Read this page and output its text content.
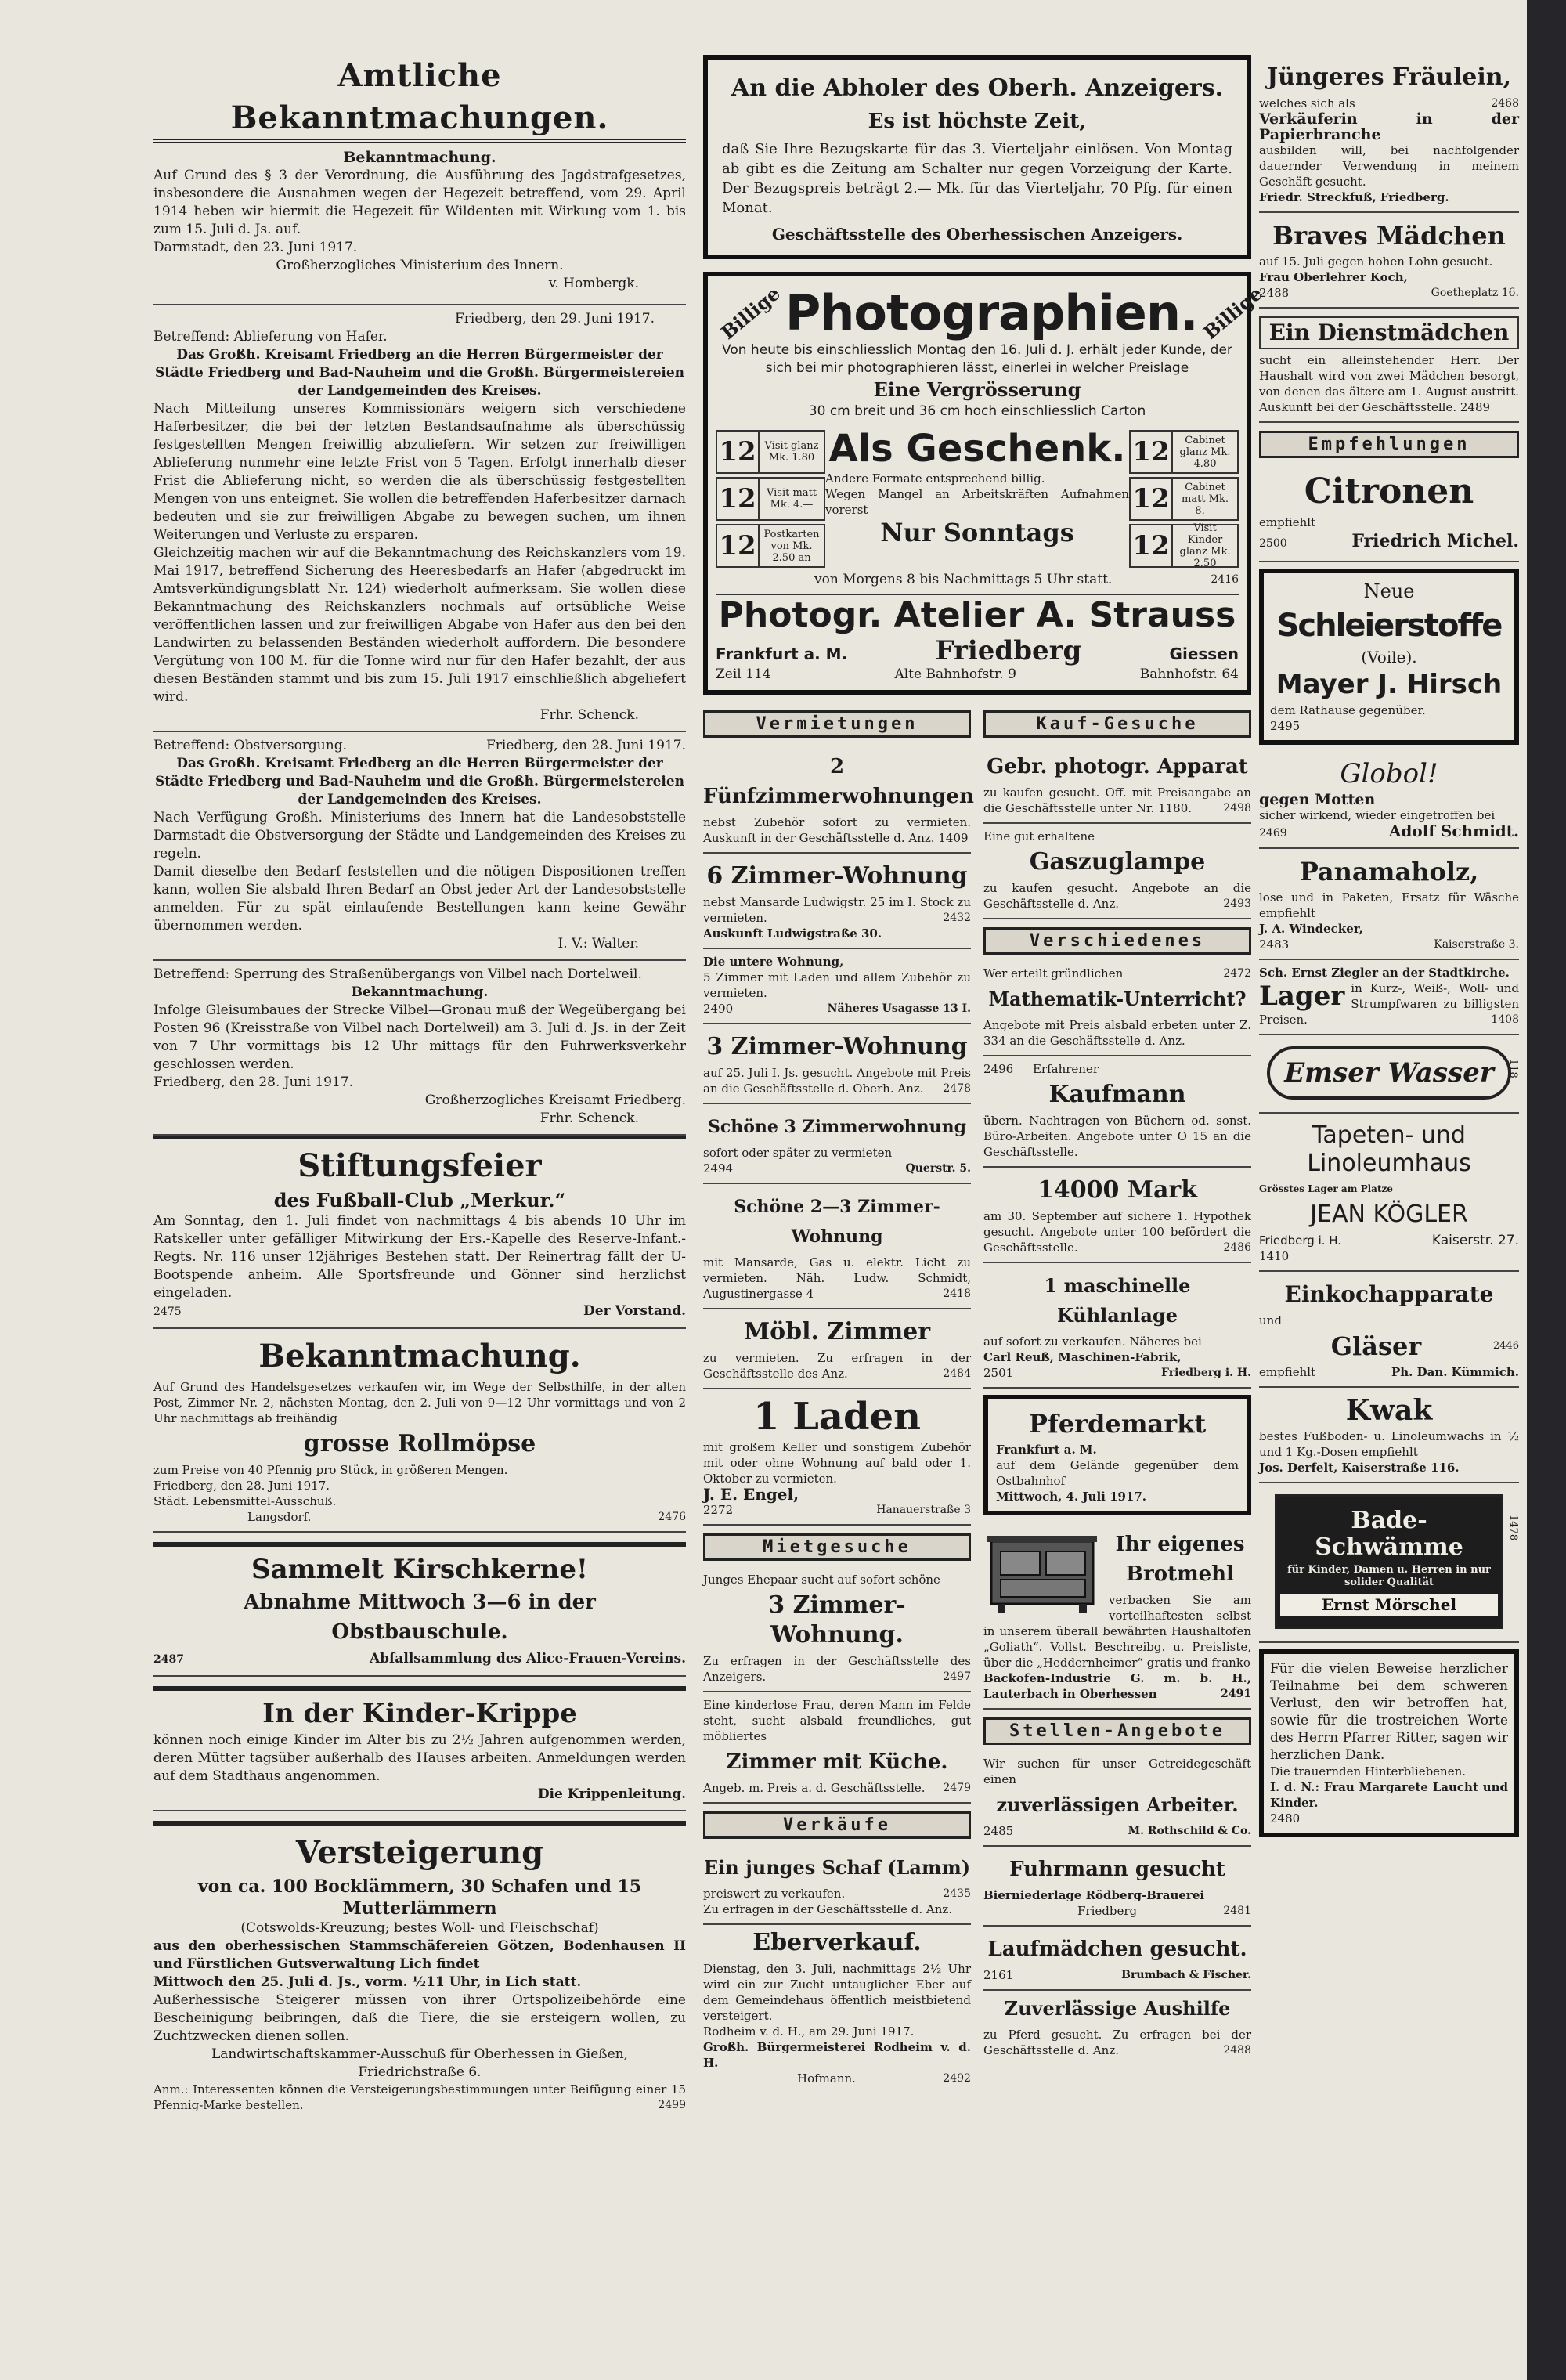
Amtliche Bekanntmachungen.

Bekanntmachung.

Auf Grund des § 3 der Verordnung, die Ausführung des Jagdstrafgesetzes, insbesondere die Ausnahmen wegen der Hegezeit betreffend, vom 29. April 1914 heben wir hiermit die Hegezeit für Wildenten mit Wirkung vom 1. bis zum 15. Juli d. Js. auf.

Darmstadt, den 23. Juni 1917.

Großherzogliches Ministerium des Innern.

v. Hombergk.

Friedberg, den 29. Juni 1917.

Betreffend: Ablieferung von Hafer.

Das Großh. Kreisamt Friedberg an die Herren Bürgermeister der Städte Friedberg und Bad-Nauheim und die Großh. Bürgermeistereien der Landgemeinden des Kreises.

Nach Mitteilung unseres Kommissionärs weigern sich verschiedene Haferbesitzer, die bei der letzten Bestandsaufnahme als überschüssig festgestellten Mengen freiwillig abzuliefern. Wir setzen zur freiwilligen Ablieferung nunmehr eine letzte Frist von 5 Tagen. Erfolgt innerhalb dieser Frist die Ablieferung nicht, so werden die als überschüssig festgestellten Mengen von uns enteignet. Sie wollen die betreffenden Haferbesitzer darnach bedeuten und sie zur freiwilligen Abgabe zu bewegen suchen, um ihnen Weiterungen und Verluste zu ersparen.

Gleichzeitig machen wir auf die Bekanntmachung des Reichskanzlers vom 19. Mai 1917, betreffend Sicherung des Heeresbedarfs an Hafer (abgedruckt im Amtsverkündigungsblatt Nr. 124) wiederholt aufmerksam. Sie wollen diese Bekanntmachung des Reichskanzlers nochmals auf ortsübliche Weise veröffentlichen lassen und zur freiwilligen Abgabe von Hafer aus den bei den Landwirten zu belassenden Beständen wiederholt auffordern. Die besondere Vergütung von 100 M. für die Tonne wird nur für den Hafer bezahlt, der aus diesen Beständen stammt und bis zum 15. Juli 1917 einschließlich abgeliefert wird.

Frhr. Schenck.

Betreffend: Obstversorgung.	Friedberg, den 28. Juni 1917.

Das Großh. Kreisamt Friedberg an die Herren Bürgermeister der Städte Friedberg und Bad-Nauheim und die Großh. Bürgermeistereien der Landgemeinden des Kreises.

Nach Verfügung Großh. Ministeriums des Innern hat die Landesobststelle Darmstadt die Obstversorgung der Städte und Landgemeinden des Kreises zu regeln.

Damit dieselbe den Bedarf feststellen und die nötigen Dispositionen treffen kann, wollen Sie alsbald Ihren Bedarf an Obst jeder Art der Landesobststelle anmelden. Für zu spät einlaufende Bestellungen kann keine Gewähr übernommen werden.

I. V.: Walter.

Betreffend: Sperrung des Straßenübergangs von Vilbel nach Dortelweil.

Bekanntmachung.

Infolge Gleisumbaues der Strecke Vilbel—Gronau muß der Wegeübergang bei Posten 96 (Kreisstraße von Vilbel nach Dortelweil) am 3. Juli d. Js. in der Zeit von 7 Uhr vormittags bis 12 Uhr mittags für den Fuhrwerksverkehr geschlossen werden.

Friedberg, den 28. Juni 1917.

Großherzogliches Kreisamt Friedberg.

Frhr. Schenck.

Stiftungsfeier

des Fußball-Club „Merkur.“

Am Sonntag, den 1. Juli findet von nachmittags 4 bis abends 10 Uhr im Ratskeller unter gefälliger Mitwirkung der Ers.-Kapelle des Reserve-Infant.-Regts. Nr. 116 unser 12jähriges Bestehen statt. Der Reinertrag fällt der U-Bootspende anheim. Alle Sportsfreunde und Gönner sind herzlichst eingeladen.

2475	Der Vorstand.

Bekanntmachung.

Auf Grund des Handelsgesetzes verkaufen wir, im Wege der Selbsthilfe, in der alten Post, Zimmer Nr. 2, nächsten Montag, den 2. Juli von 9—12 Uhr vormittags und von 2 Uhr nachmittags ab freihändig

grosse Rollmöpse

zum Preise von 40 Pfennig pro Stück, in größeren Mengen.

Friedberg, den 28. Juni 1917.

Städt. Lebensmittel-Ausschuß.

Langsdorf.	2476

Sammelt Kirschkerne!
Abnahme Mittwoch 3—6 in der Obstbauschule.

2487	Abfallsammlung des Alice-Frauen-Vereins.

In der Kinder-Krippe

können noch einige Kinder im Alter bis zu 2½ Jahren aufgenommen werden, deren Mütter tagsüber außerhalb des Hauses arbeiten. Anmeldungen werden auf dem Stadthaus angenommen.

Die Krippenleitung.

Versteigerung

von ca. 100 Bocklämmern, 30 Schafen und 15 Mutterlämmern

(Cotswolds-Kreuzung; bestes Woll- und Fleischschaf)

aus den oberhessischen Stammschäfereien Götzen, Bodenhausen II und Fürstlichen Gutsverwaltung Lich findet

Mittwoch den 25. Juli d. Js., vorm. ½11 Uhr, in Lich statt.

Außerhessische Steigerer müssen von ihrer Ortspolizeibehörde eine Bescheinigung beibringen, daß die Tiere, die sie ersteigern wollen, zu Zuchtzwecken dienen sollen.

Landwirtschaftskammer-Ausschuß für Oberhessen in Gießen,

Friedrichstraße 6.

Anm.: Interessenten können die Versteigerungsbestimmungen unter Beifügung einer 15 Pfennig-Marke bestellen.	2499

An die Abholer des Oberh. Anzeigers.
Es ist höchste Zeit,

daß Sie Ihre Bezugskarte für das 3. Vierteljahr einlösen. Von Montag ab gibt es die Zeitung am Schalter nur gegen Vorzeigung der Karte. Der Bezugspreis beträgt 2.— Mk. für das Vierteljahr, 70 Pfg. für einen Monat.

Geschäftsstelle des Oberhessischen Anzeigers.

Billige Photographien. Billige

Von heute bis einschliesslich Montag den 16. Juli d. J. erhält jeder Kunde, der sich bei mir photographieren lässt, einerlei in welcher Preislage

Eine Vergrösserung

30 cm breit und 36 cm hoch einschliesslich Carton

12 Visit glanz Mk. 1.80
12	Visit matt Mk. 4.—
12 Postkarten von Mk. 2.50 an
Als Geschenk.

Andere Formate entsprechend billig.

Wegen Mangel an Arbeitskräften Aufnahmen vorerst

Nur Sonntags
12	Cabinet glanz Mk. 4.80
12	Cabinet matt Mk. 8.—
12
Visit Kinder glanz Mk. 2.50

von Morgens 8 bis Nachmittags 5 Uhr statt.	2416

Photogr. Atelier A. Strauss
Frankfurt a. M.	Friedberg	Giessen
Zeil 114	Alte Bahnhofstr. 9	Bahnhofstr. 64
Vermietungen
2 Fünfzimmerwohnungen

nebst Zubehör sofort zu vermieten. Auskunft in der Geschäftsstelle d. Anz. 1409

6 Zimmer-Wohnung

nebst Mansarde Ludwigstr. 25 im I. Stock zu vermieten.	2432

Auskunft Ludwigstraße 30.

Die untere Wohnung,

5 Zimmer mit Laden und allem Zubehör zu vermieten.

2490	Näheres Usagasse 13 I.

3 Zimmer-Wohnung

auf 25. Juli I. Js. gesucht. Angebote mit Preis an die Geschäftsstelle d. Oberh. Anz. 2478

Schöne 3 Zimmerwohnung

sofort oder später zu vermieten

2494	Querstr. 5.

Schöne 2—3 Zimmer-Wohnung

mit Mansarde, Gas u. elektr. Licht zu vermieten. Näh. Ludw. Schmidt, Augustinergasse 4	2418

Möbl. Zimmer

zu vermieten. Zu erfragen in der Geschäftsstelle des Anz.	2484

1 Laden

mit großem Keller und sonstigem Zubehör mit oder ohne Wohnung auf bald oder 1. Oktober zu vermieten.

J. E. Engel,

2272	Hanauerstraße 3

Mietgesuche

Junges Ehepaar sucht auf sofort schöne

3 Zimmer-Wohnung.

Zu erfragen in der Geschäftsstelle des Anzeigers.	2497

Eine kinderlose Frau, deren Mann im Felde steht, sucht alsbald freundliches, gut möbliertes

Zimmer mit Küche.

Angeb. m. Preis a. d. Geschäftsstelle. 2479

Verkäufe
Ein junges Schaf (Lamm)

preiswert zu verkaufen.	2435

Zu erfragen in der Geschäftsstelle d. Anz.

Eberverkauf.

Dienstag, den 3. Juli, nachmittags 2½ Uhr wird ein zur Zucht untauglicher Eber auf dem Gemeindehaus öffentlich meistbietend versteigert.

Rodheim v. d. H., am 29. Juni 1917.

Großh. Bürgermeisterei Rodheim v. d. H.

Hofmann.	2492

Kauf-Gesuche
Gebr. photogr. Apparat

zu kaufen gesucht. Off. mit Preisangabe an die Geschäftsstelle unter Nr. 1180.	2498

Eine gut erhaltene

Gaszuglampe

zu kaufen gesucht. Angebote an die Geschäftsstelle d. Anz.	2493

Verschiedenes

Wer erteilt gründlichen	2472

Mathematik-Unterricht?

Angebote mit Preis alsbald erbeten unter Z. 334 an die Geschäftsstelle d. Anz.

2496 Erfahrener

Kaufmann

übern. Nachtragen von Büchern od. sonst. Büro-Arbeiten. Angebote unter O 15 an die Geschäftsstelle.

14000 Mark

am 30. September auf sichere 1. Hypothek gesucht. Angebote unter 100 befördert die Geschäftsstelle.	2486

1 maschinelle Kühlanlage

auf sofort zu verkaufen. Näheres bei

Carl Reuß, Maschinen-Fabrik,

2501	Friedberg i. H.

Pferdemarkt

Frankfurt a. M.

auf dem Gelände gegenüber dem Ostbahnhof

Mittwoch, 4. Juli 1917.

Ihr eigenes Brotmehl

verbacken Sie am vorteilhaftesten selbst in unserem überall bewährten Haushaltofen „Goliath“. Vollst. Beschreibg. u. Preisliste, über die „Heddernheimer“ gratis und franko

Backofen-Industrie G. m. b. H., Lauterbach in Oberhessen	2491

Stellen-Angebote

Wir suchen für unser Getreidegeschäft einen

zuverlässigen Arbeiter.

2485	M. Rothschild & Co.

Fuhrmann gesucht

Bierniederlage Rödberg-Brauerei

Friedberg	2481

Laufmädchen gesucht.

2161	Brumbach & Fischer.

Zuverlässige Aushilfe

zu Pferd gesucht. Zu erfragen bei der Geschäftsstelle d. Anz.	2488

Jüngeres Fräulein,

welches sich als	2468

Verkäuferin in der Papierbranche

ausbilden will, bei nachfolgender dauernder Verwendung in meinem Geschäft gesucht.

Friedr. Streckfuß, Friedberg.

Braves Mädchen

auf 15. Juli gegen hohen Lohn gesucht.

Frau Oberlehrer Koch,

2488	Goetheplatz 16.

Ein Dienstmädchen

sucht ein alleinstehender Herr. Der Haushalt wird von zwei Mädchen besorgt, von denen das ältere am 1. August austritt. Auskunft bei der Geschäftsstelle. 2489

Empfehlungen
Citronen

empfiehlt

2500	Friedrich Michel.

Neue

Schleierstoffe

(Voile).

Mayer J. Hirsch

dem Rathause gegenüber.

2495

Globol!

gegen Motten

sicher wirkend, wieder eingetroffen bei

2469	Adolf Schmidt.

Panamaholz,

lose und in Paketen, Ersatz für Wäsche empfiehlt

J. A. Windecker,

2483	Kaiserstraße 3.

Sch. Ernst Ziegler an der Stadtkirche.

Lager in Kurz-, Weiß-, Woll- und Strumpfwaren zu billigsten Preisen.	1408

Emser Wasser	118
Tapeten- und Linoleumhaus

Grösstes Lager am Platze

JEAN KÖGLER

Friedberg i. H.	Kaiserstr. 27.

1410

Einkochapparate

und

Gläser	2446

empfiehlt	Ph. Dan. Kümmich.

Kwak

bestes Fußboden- u. Linoleumwachs in ½ und 1 Kg.-Dosen empfiehlt

Jos. Derfelt, Kaiserstraße 116.

Bade-Schwämme
für Kinder, Damen u. Herren in nur solider Qualität
Ernst Mörschel
1478

Für die vielen Beweise herzlicher Teilnahme bei dem schweren Verlust, den wir betroffen hat, sowie für die trostreichen Worte des Herrn Pfarrer Ritter, sagen wir herzlichen Dank.

Die trauernden Hinterbliebenen.

I. d. N.: Frau Margarete Laucht und Kinder.

2480
